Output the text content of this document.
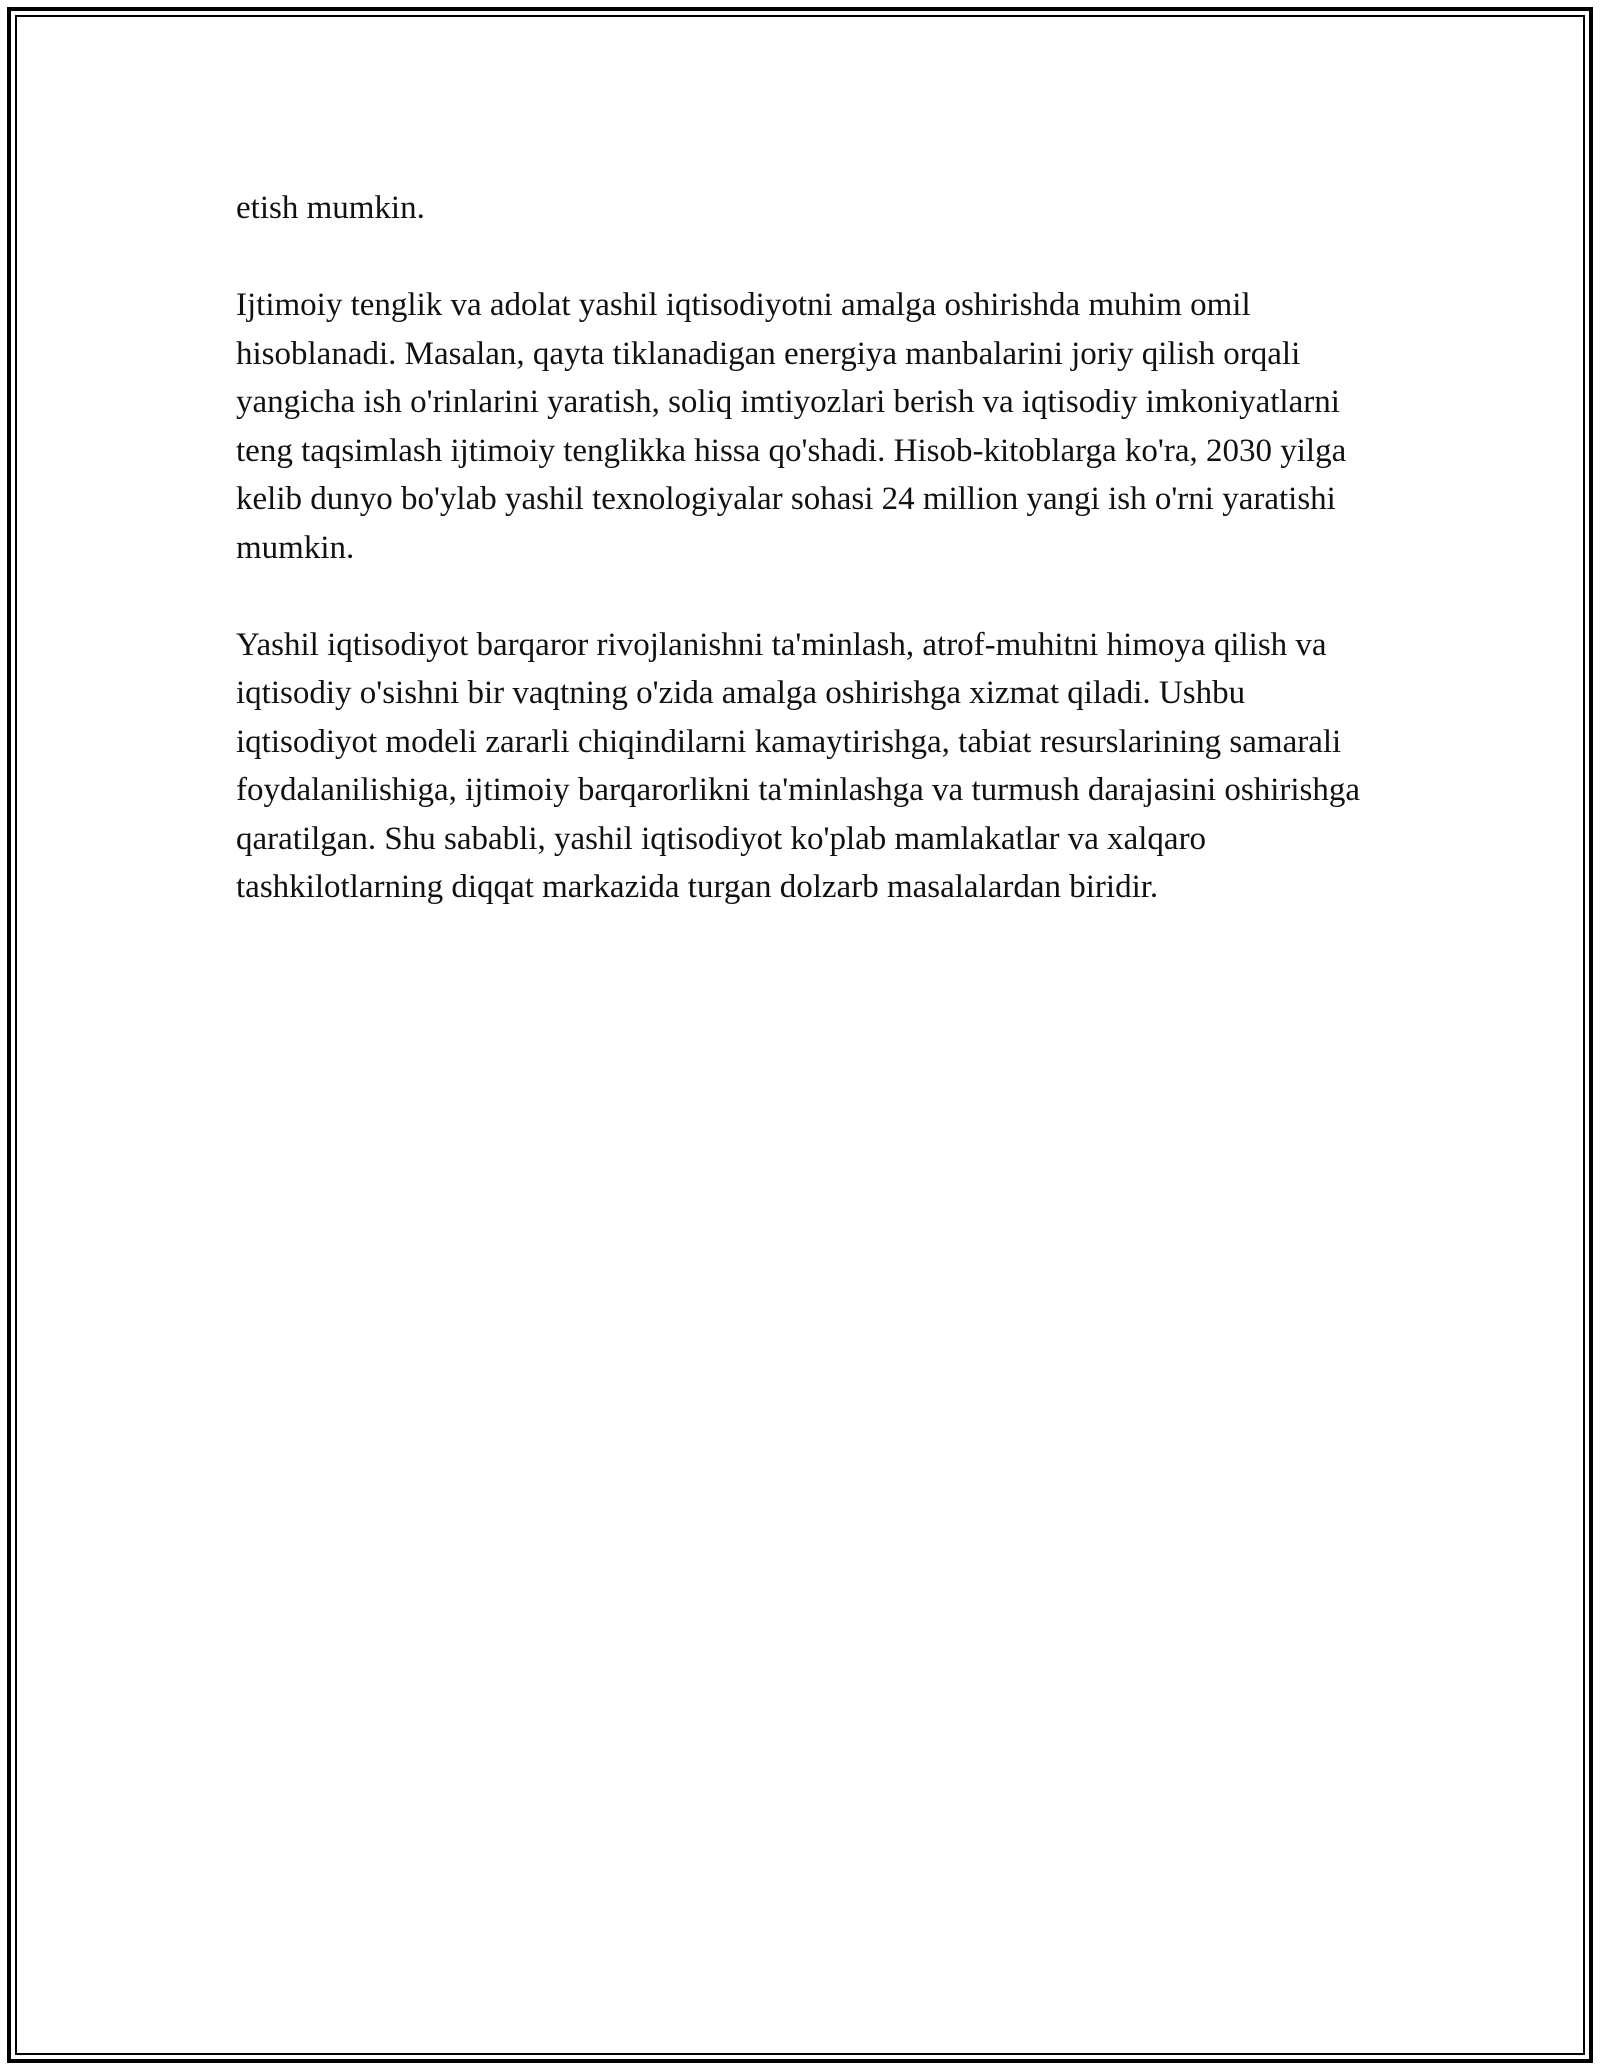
etish mumkin.

Ijtimoiy tenglik va adolat yashil iqtisodiyotni amalga oshirishda muhim omil hisoblanadi. Masalan, qayta tiklanadigan energiya manbalarini joriy qilish orqali yangicha ish o'rinlarini yaratish, soliq imtiyozlari berish va iqtisodiy imkoniyatlarni teng taqsimlash ijtimoiy tenglikka hissa qo'shadi. Hisob-kitoblarga ko'ra, 2030 yilga kelib dunyo bo'ylab yashil texnologiyalar sohasi 24 million yangi ish o'rni yaratishi mumkin.

Yashil iqtisodiyot barqaror rivojlanishni ta'minlash, atrof-muhitni himoya qilish va iqtisodiy o'sishni bir vaqtning o'zida amalga oshirishga xizmat qiladi. Ushbu iqtisodiyot modeli zararli chiqindilarni kamaytirishga, tabiat resurslarining samarali foydalanilishiga, ijtimoiy barqarorlikni ta'minlashga va turmush darajasini oshirishga qaratilgan. Shu sababli, yashil iqtisodiyot ko'plab mamlakatlar va xalqaro tashkilotlarning diqqat markazida turgan dolzarb masalalardan biridir.
